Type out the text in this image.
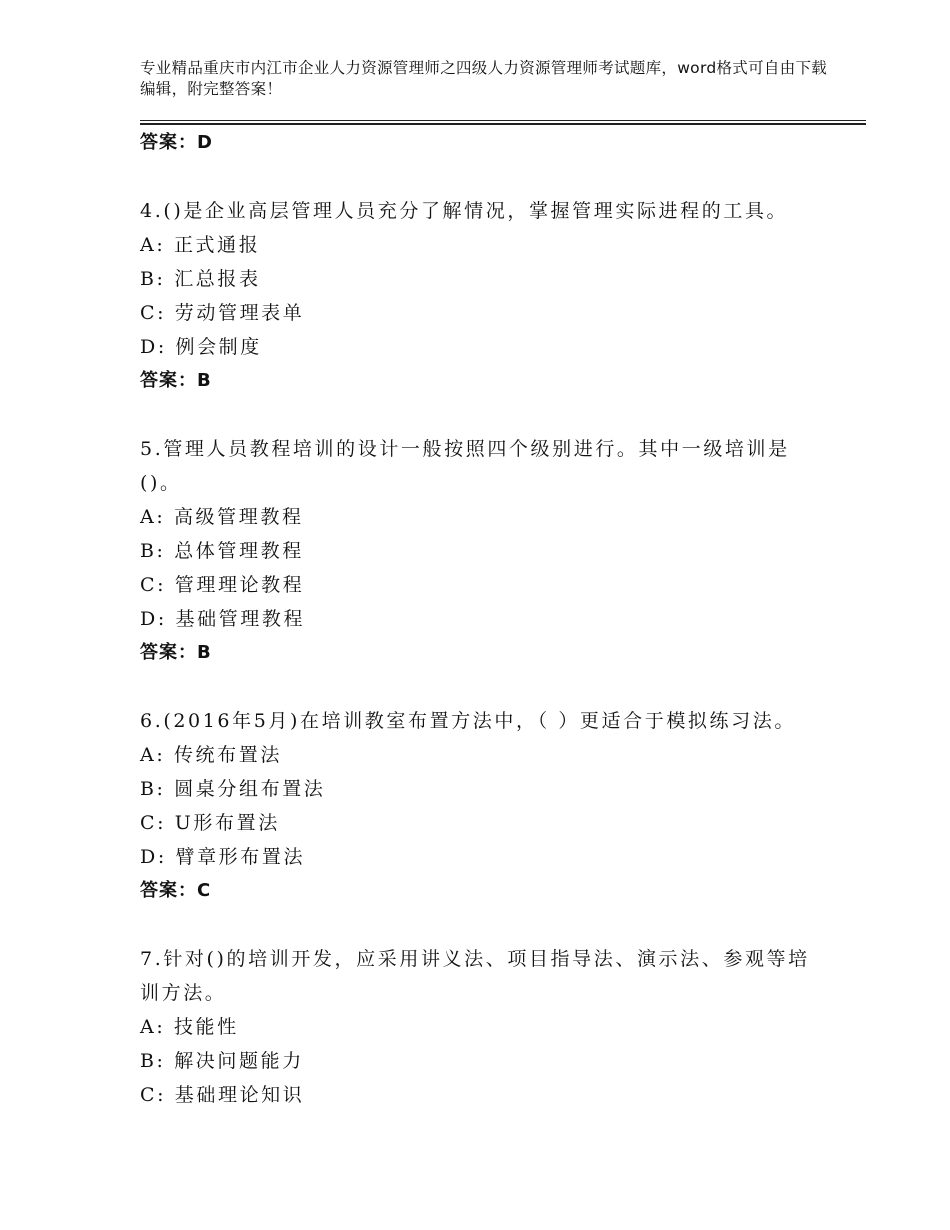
专业精品重庆市内江市企业人力资源管理师之四级人力资源管理师考试题库，word格式可自由下载编辑，附完整答案！
答案：D
4.()是企业高层管理人员充分了解情况，掌握管理实际进程的工具。
A: 正式通报
B: 汇总报表
C: 劳动管理表单
D: 例会制度
答案：B
5.管理人员教程培训的设计一般按照四个级别进行。其中一级培训是()。
A: 高级管理教程
B: 总体管理教程
C: 管理理论教程
D: 基础管理教程
答案：B
6.(2016年5月)在培训教室布置方法中，（ ）更适合于模拟练习法。
A: 传统布置法
B: 圆桌分组布置法
C: U形布置法
D: 臂章形布置法
答案：C
7.针对()的培训开发，应采用讲义法、项目指导法、演示法、参观等培训方法。
A: 技能性
B: 解决问题能力
C: 基础理论知识
